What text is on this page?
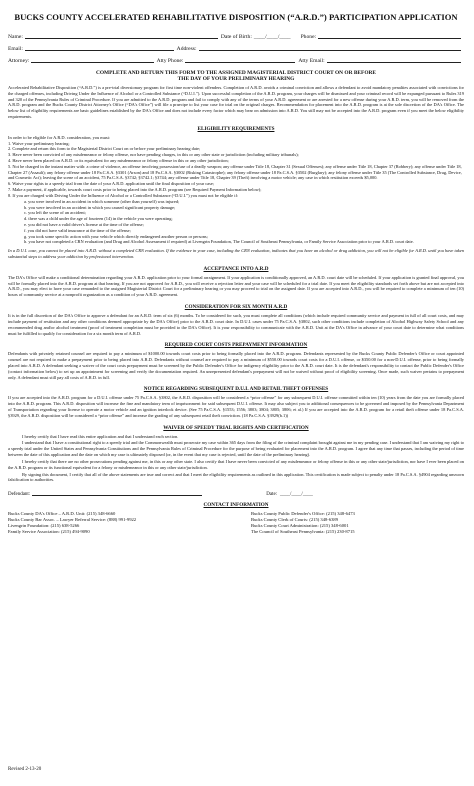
BUCKS COUNTY ACCELERATED REHABILITATIVE DISPOSITION (“A.R.D.”) PARTICIPATION APPLICATION
Name:	Date of Birth: ____/____/____ Phone:
Email:	Address:
Attorney:	Atty Phone:	Atty Email:
COMPLETE AND RETURN THIS FORM TO THE ASSIGNED MAGISTERIAL DISTRICT COURT ON OR BEFORE
THE DAY OF YOUR PRELIMINARY HEARING

Accelerated Rehabilitative Disposition (“A.R.D.”) is a pre-trial diversionary program for first time non-violent offenders. Completion of A.R.D. avoids a criminal conviction and allows a defendant to avoid mandatory penalties associated with convictions for the charged offenses, including Driving Under the Influence of Alcohol or a Controlled Substance (“D.U.I.”). Upon successful completion of the A.R.D. program, your charges will be dismissed and your criminal record will be expunged pursuant to Rules 319 and 320 of the Pennsylvania Rules of Criminal Procedure. If you are admitted to the A.R.D. program and fail to comply with any of the terms of your A.R.D. agreement or are arrested for a new offense during your A.R.D. term, you will be removed from the A.R.D. program and the Bucks County District Attorney's Office (“DA's Office”) will file a praecipe to list your case for trial on the original charges. Recommendation for placement into the A.R.D. program is at the sole discretion of the DA's Office. The below list of eligibility requirements are basic guidelines established by the DA's Office and does not include every factor which may bear on admission into A.R.D. You still may not be accepted into the A.R.D. program even if you meet the below eligibility requirements.

ELIGIBILITY REQUIREMENTS

In order to be eligible for A.R.D. consideration, you must:

1. Waive your preliminary hearing;
2. Complete and return this form to the Magisterial District Court on or before your preliminary hearing date;
3. Have never been convicted of any misdemeanor or felony offense, nor have pending charges, in this or any other state or jurisdiction (including military tribunals);
4. Have never been placed on A.R.D. or its equivalent for any misdemeanor or felony offense in this or any other jurisdiction;
5. Not be charged in the instant matter with: a crime of violence, an offense involving possession/use of a deadly weapon; any offense under Title 18, Chapter 31 (Sexual Offenses); any offense under Title 18, Chapter 37 (Robbery); any offense under Title 18, Chapter 27 (Assault); any felony offense under 18 Pa.C.S.A. §3301 (Arson) and 18 Pa.C.S.A. §3002 (Risking Catastrophe); any felony offense under 18 Pa.C.S.A. §3502 (Burglary); any felony offense under Title 35 (The Controlled Substance, Drug, Device, and Cosmetic Act); leaving the scene of an accident, 75 Pa.C.S.A. §3742; §3742.1; §3744; any offense under Title 18, Chapter 39 (Theft) involving a motor vehicle; any case in which restitution exceeds $5,000.
6. Waive your rights to a speedy trial from the date of your A.R.D. application until the final disposition of your case;
7. Make a payment, if applicable, towards court costs prior to being placed into the A.R.D. program (see Required Payment Information below);
8. If you are charged with Driving Under the Influence of Alcohol or a Controlled Substance (“D.U.I.”) you must not be eligible if:
a. you were involved in an accident in which someone (other than yourself) was injured;
b. you were involved in an accident in which you caused significant property damage;
c. you left the scene of an accident;
d. there was a child under the age of fourteen (14) in the vehicle you were operating;
e. you did not have a valid driver's license at the time of the offense;
f. you did not have valid insurance at the time of the offense;
g. you took some specific action with your vehicle which directly endangered another person or persons;
h. you have not completed a CRN evaluation (and Drug and Alcohol Assessment if required) at Livengrin Foundation, The Council of Southeast Pennsylvania, or Family Service Association prior to your A.R.D. court date.

In a D.U.I. case, you cannot be placed into A.R.D. without a completed CRN evaluation. If the evidence in your case, including the CRN evaluation, indicates that you have an alcohol or drug addiction, you will not be eligible for A.R.D. until you have taken substantial steps to address your addiction by professional intervention.

ACCEPTANCE INTO A.R.D

The DA's Office will make a conditional determination regarding your A.R.D. application prior to your formal arraignment. If your application is conditionally approved, an A.R.D. court date will be scheduled. If your application is granted final approval, you will be formally placed into the A.R.D. program at that hearing. If you are not approved for A.R.D., you will receive a rejection letter and your case will be scheduled for a trial date. If you meet the eligibility standards set forth above but are not accepted into A.R.D., you may elect to have your case remanded to the assigned Magisterial District Court for a preliminary hearing or you may proceed to trial on the assigned date. If you are accepted into A.R.D., you will be required to complete a minimum of ten (10) hours of community service at a nonprofit organization as a condition of your A.R.D. agreement.

CONSIDERATION FOR SIX MONTH A.R.D

It is in the full discretion of the DA's Office to approve a defendant for an A.R.D. term of six (6) months. To be considered for such, you must complete all conditions (which include required community service and payment in full of all court costs, and may include payment of restitution and any other conditions deemed appropriate by the DA's Office) prior to the A.R.D. court date. In D.U.I. cases under 75 Pa.C.S.A. §3802, such other conditions include completion of Alcohol Highway Safety School and any recommended drug and/or alcohol treatment (proof of treatment completion must be provided to the DA's Office). It is your responsibility to communicate with the A.R.D. Unit at the DA's Office in advance of your court date to determine what conditions must be fulfilled to qualify for consideration for a six month term of A.R.D.

REQUIRED COURT COSTS PREPAYMENT INFORMATION

Defendants with privately retained counsel are required to pay a minimum of $1000.00 towards court costs prior to being formally placed into the A.R.D. program. Defendants represented by the Bucks County Public Defender's Office or court appointed counsel are not required to make a prepayment prior to being placed into A.R.D. Defendants without counsel are required to pay a minimum of $550.00 towards court costs for a D.U.I. offense, or $350.00 for a non-D.U.I. offense, prior to being formally placed into A.R.D. A defendant seeking a waiver of the court costs prepayment must be screened by the Public Defender's Office for indigency eligibility prior to the A.R.D. court date. It is the defendant's responsibility to contact the Public Defender's Office (contact information below) to set up an appointment for screening and verify the documentation required. An unrepresented defendant's prepayment will not be waived without proof of eligibility screening. Once made, such waiver pertains to prepayment only. A defendant must still pay all costs of A.R.D. in full.

NOTICE REGARDING SUBSEQUENT D.U.I. AND RETAIL THEFT OFFENSES

If you are accepted into the A.R.D. program for a D.U.I. offense under 75 Pa.C.S.A. §3802, the A.R.D. disposition will be considered a “prior offense” for any subsequent D.U.I. offense committed within ten (10) years from the date you are formally placed into the A.R.D. program. This A.R.D. disposition will increase the fine and mandatory term of imprisonment for said subsequent D.U.I. offense. It may also subject you to additional consequences to be governed and imposed by the Pennsylvania Department of Transportation regarding your license to operate a motor vehicle and an ignition interlock device. (See 75 Pa.C.S.A. §1553; 1556; 3803; 3804; 3805; 3806; et al.) If you are accepted into the A.R.D. program for a retail theft offense under 18 Pa.C.S.A. §3929, the A.R.D. disposition will be considered a “prior offense” and increase the grading of any subsequent retail theft conviction. (18 Pa.C.S.A. §3929(b.1))

WAIVER OF SPEEDY TRIAL RIGHTS AND CERTIFICATION

I hereby certify that I have read this entire application and that I understand each section.

I understand that I have a constitutional right to a speedy trial and the Commonwealth must prosecute my case within 365 days from the filing of the criminal complaint brought against me in my pending case. I understand that I am waiving my right to a speedy trial under the United States and Pennsylvania Constitutions and the Pennsylvania Rules of Criminal Procedure for the purpose of being evaluated for placement into the A.R.D. program. I agree that any time that passes, including the period of time between the date of this application and the date on which my case is ultimately disposed (or, in the event that my case is rejected, until the date of the preliminary hearing).

I hereby certify that there are no other prosecutions pending against me, in this or any other state. I also certify that I have never been convicted of any misdemeanor or felony offense in this or any other state/jurisdiction, nor have I ever been placed on the A.R.D. program or its functional equivalent for a felony or misdemeanor in this or any other state/jurisdiction.

By signing this document, I certify that all of the above statements are true and correct and that I meet the eligibility requirements as outlined in this application. This certification is made subject to penalty under 18 Pa.C.S.A. §4904 regarding unsworn falsification to authorities.

Defendant:	Date: ____/____/____
CONTACT INFORMATION
Bucks County DA's Office – A.R.D. Unit: (215) 348-6660
Bucks County Bar Assoc. – Lawyer Referral Service: (888) 991-9922
Livengrin Foundation: (215) 638-5266
Family Service Association: (215) 494-9090
Bucks County Public Defender's Office: (215) 348-6473
Bucks County Clerk of Courts: (215) 348-6389
Bucks County Court Administration: (215) 348-6001
The Council of Southeast Pennsylvania: (215) 230-8715
Revised 2-13-20
